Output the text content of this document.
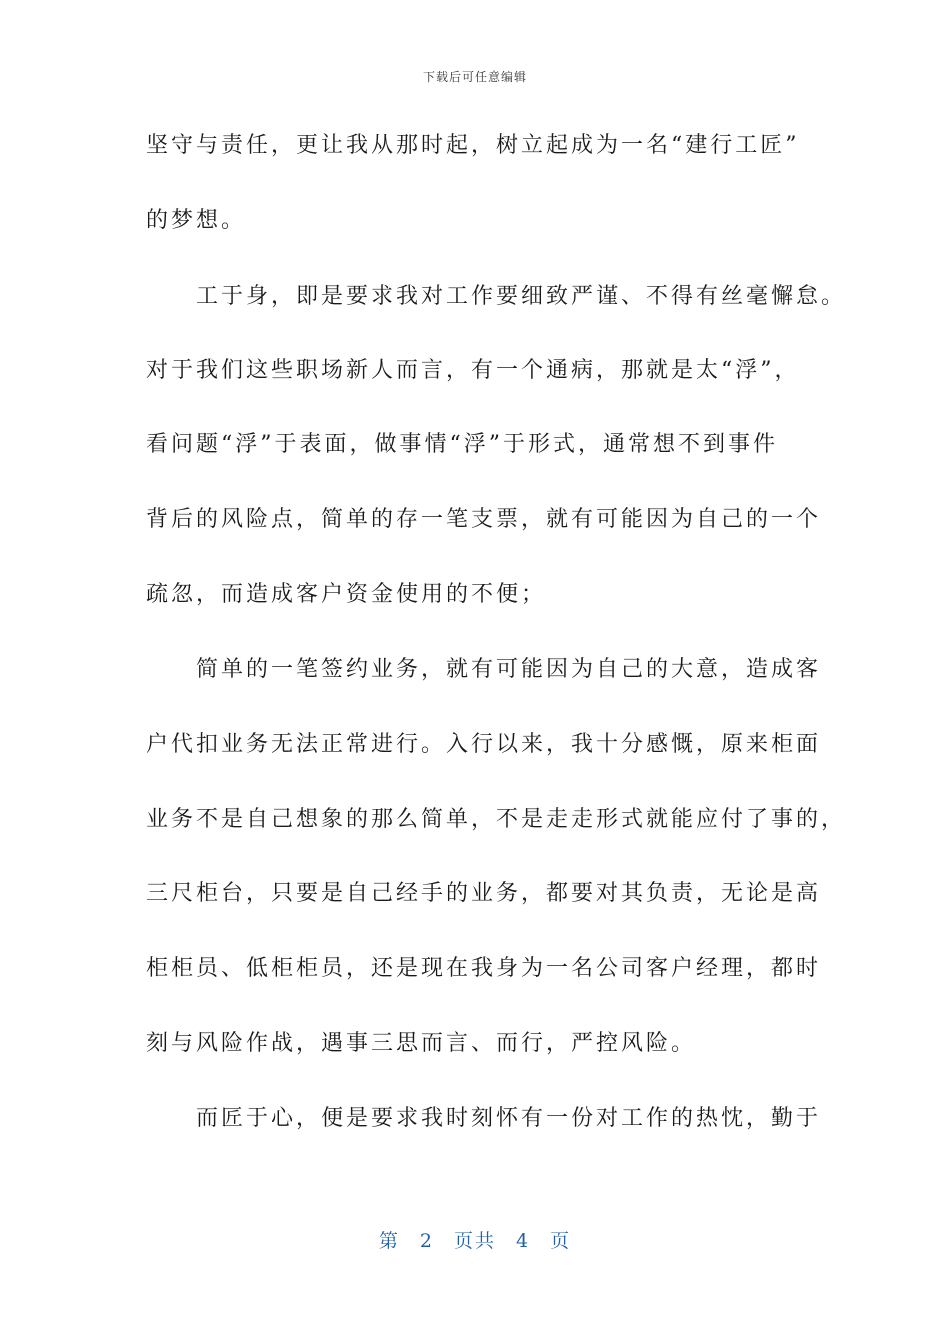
下载后可任意编辑
坚守与责任，更让我从那时起，树立起成为一名“建行工匠”
的梦想。
　　工于身，即是要求我对工作要细致严谨、不得有丝毫懈怠。
对于我们这些职场新人而言，有一个通病，那就是太“浮”，
看问题“浮”于表面，做事情“浮”于形式，通常想不到事件
背后的风险点，简单的存一笔支票，就有可能因为自己的一个
疏忽，而造成客户资金使用的不便；
　　简单的一笔签约业务，就有可能因为自己的大意，造成客
户代扣业务无法正常进行。入行以来，我十分感慨，原来柜面
业务不是自己想象的那么简单，不是走走形式就能应付了事的，
三尺柜台，只要是自己经手的业务，都要对其负责，无论是高
柜柜员、低柜柜员，还是现在我身为一名公司客户经理，都时
刻与风险作战，遇事三思而言、而行，严控风险。
　　而匠于心，便是要求我时刻怀有一份对工作的热忱，勤于
第 2 页共 4 页
